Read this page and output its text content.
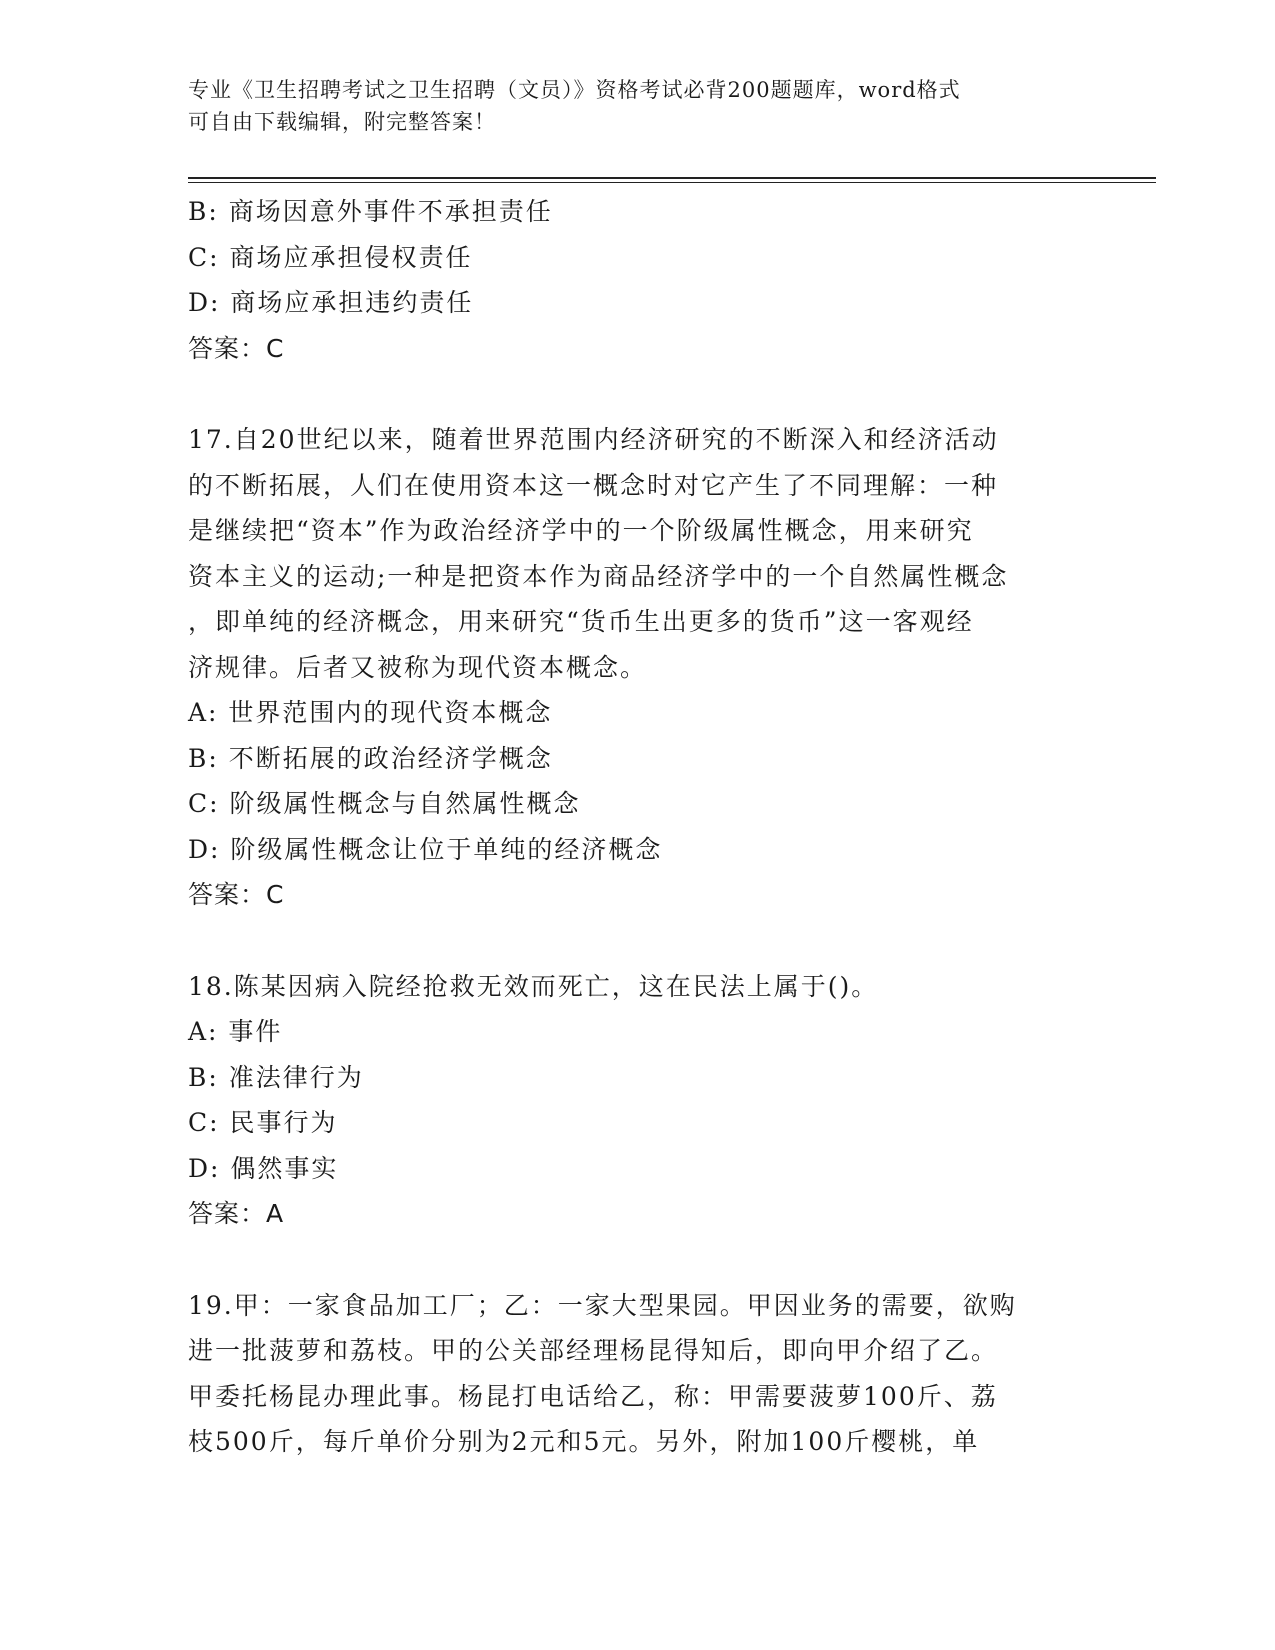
专业《卫生招聘考试之卫生招聘（文员）》资格考试必背200题题库，word格式
可自由下载编辑，附完整答案！
B: 商场因意外事件不承担责任
C: 商场应承担侵权责任
D: 商场应承担违约责任
答案：C
17.自20世纪以来，随着世界范围内经济研究的不断深入和经济活动
的不断拓展，人们在使用资本这一概念时对它产生了不同理解：一种
是继续把“资本”作为政治经济学中的一个阶级属性概念，用来研究
资本主义的运动;一种是把资本作为商品经济学中的一个自然属性概念
，即单纯的经济概念，用来研究“货币生出更多的货币”这一客观经
济规律。后者又被称为现代资本概念。
A: 世界范围内的现代资本概念
B: 不断拓展的政治经济学概念
C: 阶级属性概念与自然属性概念
D: 阶级属性概念让位于单纯的经济概念
答案：C
18.陈某因病入院经抢救无效而死亡，这在民法上属于()。
A: 事件
B: 准法律行为
C: 民事行为
D: 偶然事实
答案：A
19.甲：一家食品加工厂；乙：一家大型果园。甲因业务的需要，欲购
进一批菠萝和荔枝。甲的公关部经理杨昆得知后，即向甲介绍了乙。
甲委托杨昆办理此事。杨昆打电话给乙，称：甲需要菠萝100斤、荔
枝500斤，每斤单价分别为2元和5元。另外，附加100斤樱桃，单
